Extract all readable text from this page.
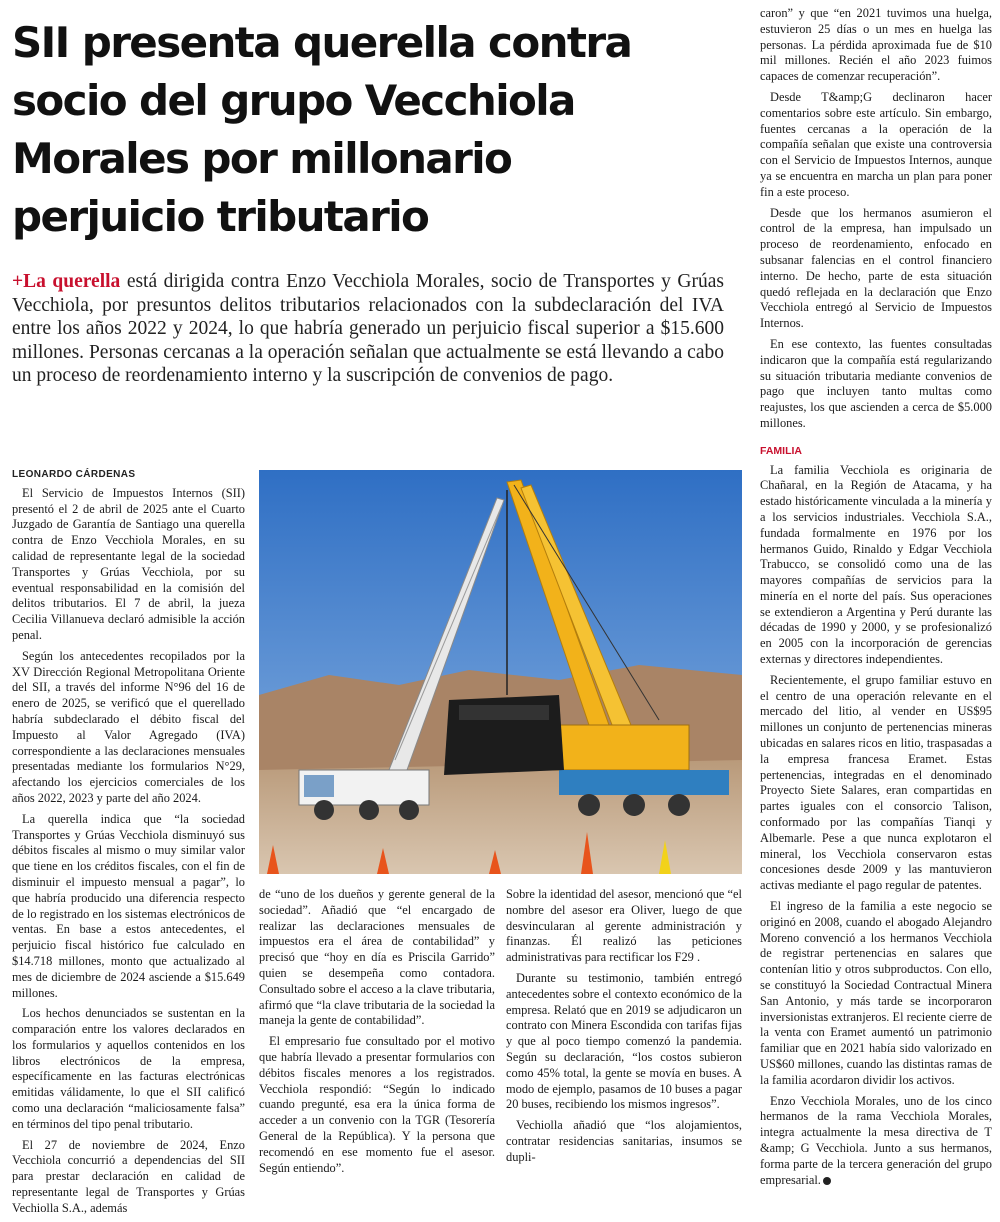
SII presenta querella contra socio del grupo Vecchiola Morales por millonario perjuicio tributario

+La querella está dirigida contra Enzo Vecchiola Morales, socio de Transportes y Grúas Vecchiola, por presuntos delitos tributarios relacionados con la subdeclaración del IVA entre los años 2022 y 2024, lo que habría generado un perjuicio fiscal superior a $15.600 millones. Personas cercanas a la operación señalan que actualmente se está llevando a cabo un proceso de reordenamiento interno y la suscripción de convenios de pago.

LEONARDO CÁRDENAS

El Servicio de Impuestos Internos (SII) presentó el 2 de abril de 2025 ante el Cuarto Juzgado de Garantía de Santiago una querella contra de Enzo Vecchiola Morales, en su calidad de representante legal de la sociedad Transportes y Grúas Vecchiola, por su eventual responsabilidad en la comisión del delitos tributarios. El 7 de abril, la jueza Cecilia Villanueva declaró admisible la acción penal.

Según los antecedentes recopilados por la XV Dirección Regional Metropolitana Oriente del SII, a través del informe N°96 del 16 de enero de 2025, se verificó que el querellado habría subdeclarado el débito fiscal del Impuesto al Valor Agregado (IVA) correspondiente a las declaraciones mensuales presentadas mediante los formularios N°29, afectando los ejercicios comerciales de los años 2022, 2023 y parte del año 2024.

La querella indica que “la sociedad Transportes y Grúas Vecchiola disminuyó sus débitos fiscales al mismo o muy similar valor que tiene en los créditos fiscales, con el fin de disminuir el impuesto mensual a pagar”, lo que habría producido una diferencia respecto de lo registrado en los sistemas electrónicos de ventas. En base a estos antecedentes, el perjuicio fiscal histórico fue calculado en $14.718 millones, monto que actualizado al mes de diciembre de 2024 asciende a $15.649 millones.

Los hechos denunciados se sustentan en la comparación entre los valores declarados en los formularios y aquellos contenidos en los libros electrónicos de la empresa, específicamente en las facturas electrónicas emitidas válidamente, lo que el SII calificó como una declaración “maliciosamente falsa” en términos del tipo penal tributario.

El 27 de noviembre de 2024, Enzo Vecchiola concurrió a dependencias del SII para prestar declaración en calidad de representante legal de Transportes y Grúas Vechiolla S.A., además

de “uno de los dueños y gerente general de la sociedad”. Añadió que “el encargado de realizar las declaraciones mensuales de impuestos era el área de contabilidad” y precisó que “hoy en día es Priscila Garrido” quien se desempeña como contadora. Consultado sobre el acceso a la clave tributaria, afirmó que “la clave tributaria de la sociedad la maneja la gente de contabilidad”.

El empresario fue consultado por el motivo que habría llevado a presentar formularios con débitos fiscales menores a los registrados. Vecchiola respondió: “Según lo indicado cuando pregunté, esa era la única forma de acceder a un convenio con la TGR (Tesorería General de la República). Y la persona que recomendó en ese momento fue el asesor. Según entiendo”.

Sobre la identidad del asesor, mencionó que “el nombre del asesor era Oliver, luego de que desvincularan al gerente administración y finanzas. Él realizó las peticiones administrativas para rectificar los F29 .

Durante su testimonio, también entregó antecedentes sobre el contexto económico de la empresa. Relató que en 2019 se adjudicaron un contrato con Minera Escondida con tarifas fijas y que al poco tiempo comenzó la pandemia. Según su declaración, “los costos subieron como 45% total, la gente se movía en buses. A modo de ejemplo, pasamos de 10 buses a pagar 20 buses, recibiendo los mismos ingresos”.

Vechiolla añadió que “los alojamientos, contratar residencias sanitarias, insumos se dupli-

caron” y que “en 2021 tuvimos una huelga, estuvieron 25 días o un mes en huelga las personas. La pérdida aproximada fue de $10 mil millones. Recién el año 2023 fuimos capaces de comenzar recuperación”.

Desde T&amp;G declinaron hacer comentarios sobre este artículo. Sin embargo, fuentes cercanas a la operación de la compañía señalan que existe una controversia con el Servicio de Impuestos Internos, aunque ya se encuentra en marcha un plan para poner fin a este proceso.

Desde que los hermanos asumieron el control de la empresa, han impulsado un proceso de reordenamiento, enfocado en subsanar falencias en el control financiero interno. De hecho, parte de esta situación quedó reflejada en la declaración que Enzo Vecchiola entregó al Servicio de Impuestos Internos.

En ese contexto, las fuentes consultadas indicaron que la compañía está regularizando su situación tributaria mediante convenios de pago que incluyen tanto multas como reajustes, los que ascienden a cerca de $5.000 millones.

FAMILIA

La familia Vecchiola es originaria de Chañaral, en la Región de Atacama, y ha estado históricamente vinculada a la minería y a los servicios industriales. Vecchiola S.A., fundada formalmente en 1976 por los hermanos Guido, Rinaldo y Edgar Vecchiola Trabucco, se consolidó como una de las mayores compañías de servicios para la minería en el norte del país. Sus operaciones se extendieron a Argentina y Perú durante las décadas de 1990 y 2000, y se profesionalizó en 2005 con la incorporación de gerencias externas y directores independientes.

Recientemente, el grupo familiar estuvo en el centro de una operación relevante en el mercado del litio, al vender en US$95 millones un conjunto de pertenencias mineras ubicadas en salares ricos en litio, traspasadas a la empresa francesa Eramet. Estas pertenencias, integradas en el denominado Proyecto Siete Salares, eran compartidas en partes iguales con el consorcio Talison, conformado por las compañías Tianqi y Albemarle. Pese a que nunca explotaron el mineral, los Vecchiola conservaron estas concesiones desde 2009 y las mantuvieron activas mediante el pago regular de patentes.

El ingreso de la familia a este negocio se originó en 2008, cuando el abogado Alejandro Moreno convenció a los hermanos Vecchiola de registrar pertenencias en salares que contenían litio y otros subproductos. Con ello, se constituyó la Sociedad Contractual Minera San Antonio, y más tarde se incorporaron inversionistas extranjeros. El reciente cierre de la venta con Eramet aumentó un patrimonio familiar que en 2021 había sido valorizado en US$60 millones, cuando las distintas ramas de la familia acordaron dividir los activos.

Enzo Vecchiola Morales, uno de los cinco hermanos de la rama Vecchiola Morales, integra actualmente la mesa directiva de T &amp; G Vecchiola. Junto a sus hermanos, forma parte de la tercera generación del grupo empresarial.
